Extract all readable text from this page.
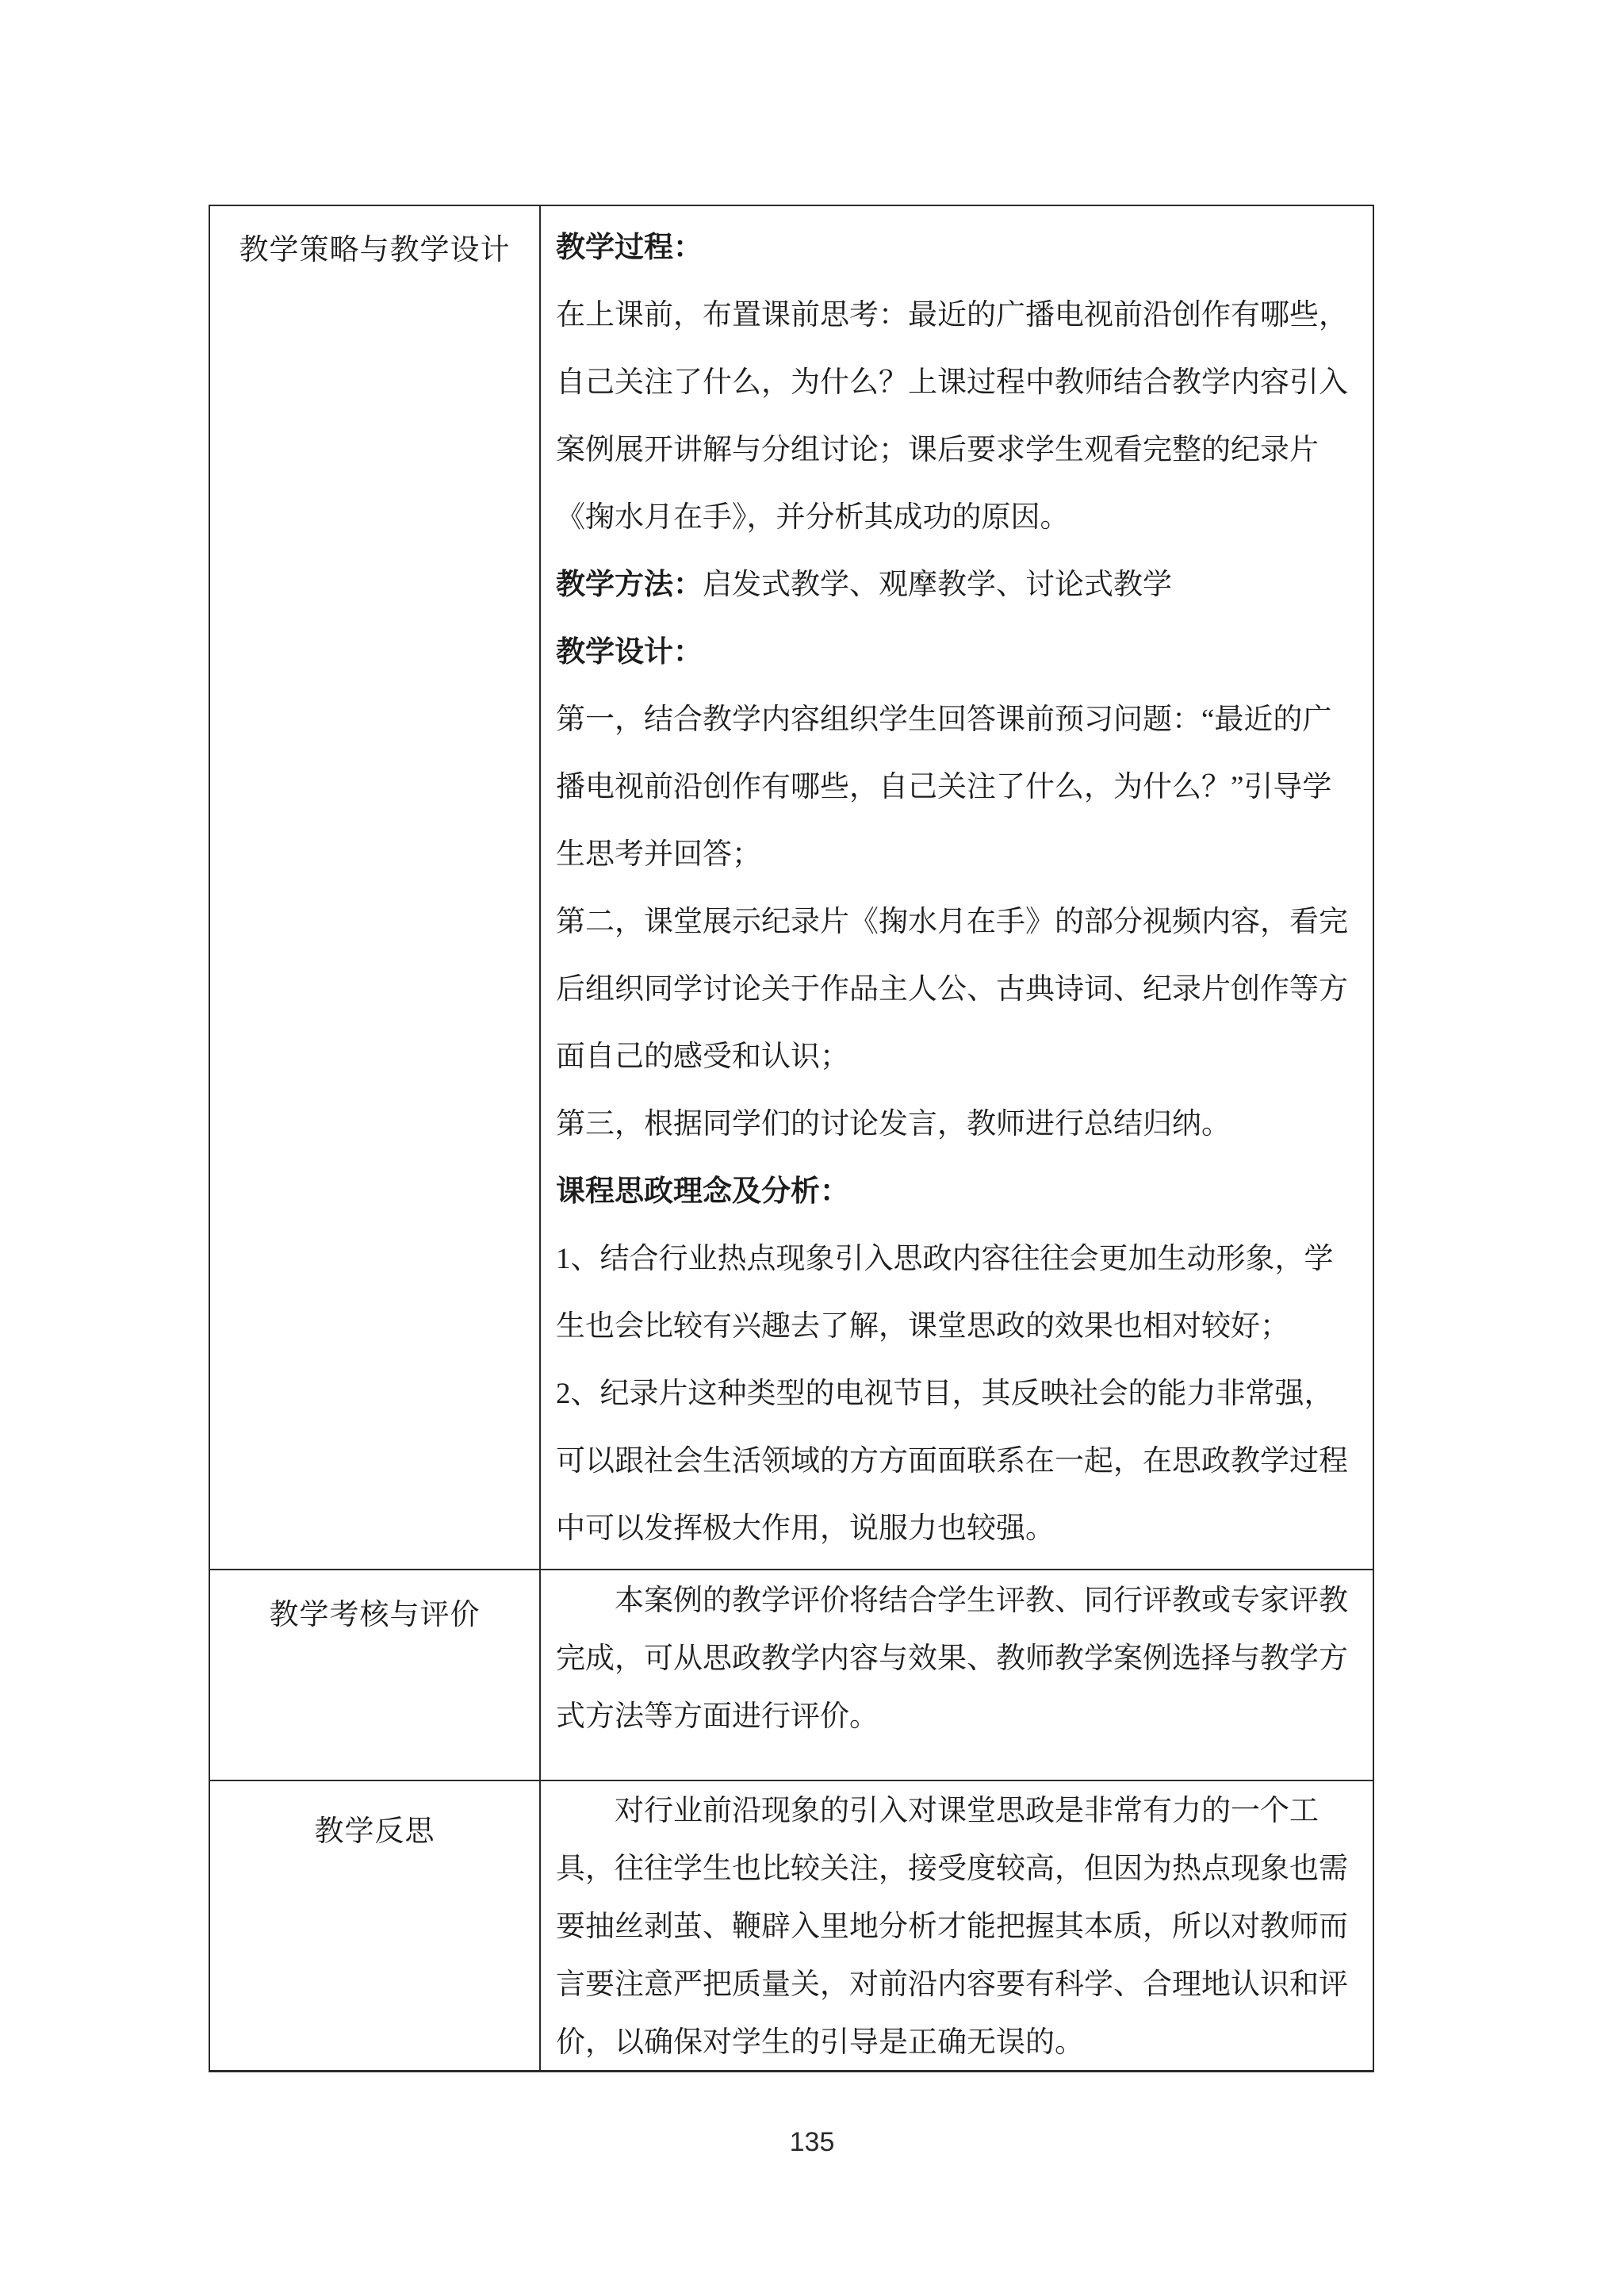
教学策略与教学设计	教学过程：
在上课前，布置课前思考：最近的广播电视前沿创作有哪些，
自己关注了什么，为什么？上课过程中教师结合教学内容引入
案例展开讲解与分组讨论；课后要求学生观看完整的纪录片
《掬水月在手》，并分析其成功的原因。
教学方法：启发式教学、观摩教学、讨论式教学
教学设计：
第一，结合教学内容组织学生回答课前预习问题：“最近的广
播电视前沿创作有哪些，自己关注了什么，为什么？”引导学
生思考并回答；
第二，课堂展示纪录片《掬水月在手》的部分视频内容，看完
后组织同学讨论关于作品主人公、古典诗词、纪录片创作等方
面自己的感受和认识；
第三，根据同学们的讨论发言，教师进行总结归纳。
课程思政理念及分析：
1、结合行业热点现象引入思政内容往往会更加生动形象，学
生也会比较有兴趣去了解，课堂思政的效果也相对较好；
2、纪录片这种类型的电视节目，其反映社会的能力非常强，
可以跟社会生活领域的方方面面联系在一起，在思政教学过程
中可以发挥极大作用，说服力也较强。
教学考核与评价	本案例的教学评价将结合学生评教、同行评教或专家评教
完成，可从思政教学内容与效果、教师教学案例选择与教学方
式方法等方面进行评价。
教学反思
对行业前沿现象的引入对课堂思政是非常有力的一个工
具，往往学生也比较关注，接受度较高，但因为热点现象也需
要抽丝剥茧、鞭辟入里地分析才能把握其本质，所以对教师而
言要注意严把质量关，对前沿内容要有科学、合理地认识和评
价，以确保对学生的引导是正确无误的。
135
